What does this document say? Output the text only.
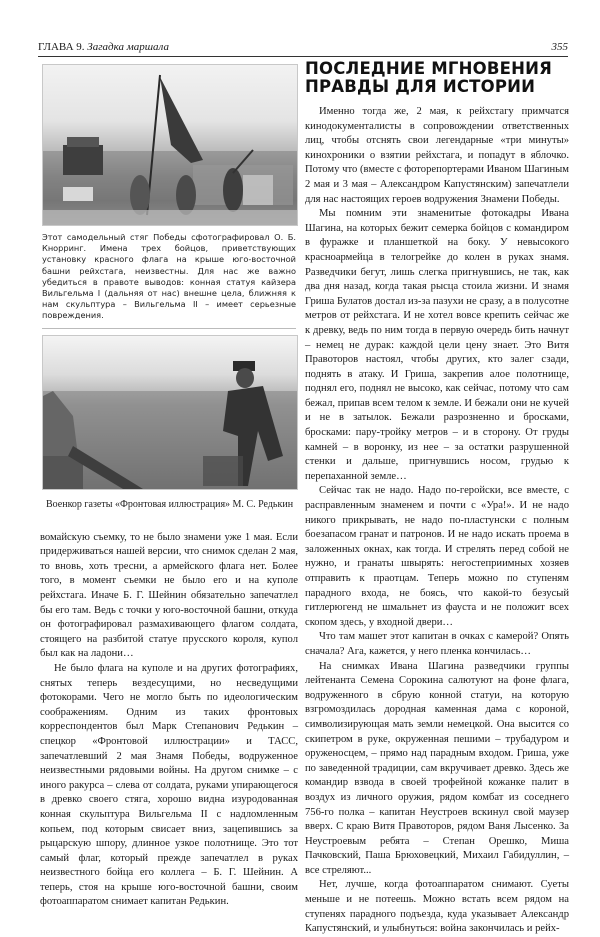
ГЛАВА 9. Загадка маршала	355
Этот самодельный стяг Победы сфотографировал О. Б. Кнорринг. Имена трех бойцов, приветствующих установку красного флага на крыше юго-восточной башни рейхстага, неизвестны. Для нас же важно убедиться в правоте выводов: конная статуя кайзера Вильгельма I (дальняя от нас) внешне цела, ближняя к нам скульптура – Вильгельма II – имеет серьезные повреждения.
Военкор газеты «Фронтовая иллюстрация» М. С. Редькин

вомайскую съемку, то не было знамени уже 1 мая. Если придерживаться нашей версии, что снимок сделан 2 мая, то вновь, хоть тресни, а армейского флага нет. Более того, в момент съемки не было его и на куполе рейхстага. Иначе Б. Г. Шейнин обязательно запечатлел бы его там. Ведь с точки у юго-восточной башни, откуда он фотографировал размахивающего флагом солдата, стоящего на разбитой статуе прусского короля, купол был как на ладони…

Не было флага на куполе и на других фотографиях, снятых теперь вездесущими, но несведущими фотокорами. Чего не могло быть по идеологическим соображениям. Одним из таких фронтовых корреспондентов был Марк Степанович Редькин – спецкор «Фронтовой иллюстрации» и ТАСС, запечатлевший 2 мая Знамя Победы, водруженное неизвестными рядовыми войны. На другом снимке – с иного ракурса – слева от солдата, руками упирающегося в древко своего стяга, хорошо видна изуродованная конная скульптура Вильгельма II с надломленным копьем, под которым свисает вниз, зацепившись за рыцарскую шпору, длинное узкое полотнище. Это тот самый флаг, который прежде запечатлел в руках неизвестного бойца его коллега – Б. Г. Шейнин. А теперь, стоя на крыше юго-восточной башни, своим фотоаппаратом снимает капитан Редькин.

ПОСЛЕДНИЕ МГНОВЕНИЯ
ПРАВДЫ ДЛЯ ИСТОРИИ

Именно тогда же, 2 мая, к рейхстагу примчатся кинодокументалисты в сопровождении ответственных лиц, чтобы отснять свои легендарные «три минуты» кинохроники о взятии рейхстага, и попадут в яблочко. Потому что (вместе с фоторепортерами Иваном Шагиным 2 мая и 3 мая – Александром Капустянским) запечатлели для нас настоящих героев водружения Знамени Победы.

Мы помним эти знаменитые фотокадры Ивана Шагина, на которых бежит семерка бойцов с командиром в фуражке и планшеткой на боку. У невысокого красноармейца в телогрейке до колен в руках знамя. Разведчики бегут, лишь слегка пригнувшись, не так, как два дня назад, когда такая рысца стоила жизни. И знамя Гриша Булатов достал из-за пазухи не сразу, а в полусотне метров от рейхстага. И не хотел вовсе крепить сейчас же к древку, ведь по ним тогда в первую очередь бить начнут – немец не дурак: каждой цели цену знает. Это Витя Правоторов настоял, чтобы других, кто залег сзади, поднять в атаку. И Гриша, закрепив алое полотнище, поднял его, поднял не высоко, как сейчас, потому что сам бежал, припав всем телом к земле. И бежали они не кучей и не в затылок. Бежали разрозненно и бросками, бросками: пару-тройку метров – и в сторону. От груды камней – в воронку, из нее – за остатки разрушенной стенки и дальше, пригнувшись носом, грудью к перепаханной земле…

Сейчас так не надо. Надо по-геройски, все вместе, с расправленным знаменем и почти с «Ура!». И не надо никого прикрывать, не надо по-пластунски с полным боезапасом гранат и патронов. И не надо искать проема в заложенных окнах, как тогда. И стрелять перед собой не нужно, и гранаты швырять: негостеприимных хозяев отправить к праотцам. Теперь можно по ступеням парадного входа, не боясь, что какой-то безусый гитлерюгенд не шмальнет из фауста и не положит всех скопом здесь, у входной двери…

Что там машет этот капитан в очках с камерой? Опять сначала? Ага, кажется, у него пленка кончилась…

На снимках Ивана Шагина разведчики группы лейтенанта Семена Сорокина салютуют на фоне флага, водруженного в сбрую конной статуи, на которую взгромоздилась дородная каменная дама с короной, символизирующая мать земли немецкой. Она высится со скипетром в руке, окруженная пешими – трубадуром и оруженосцем, – прямо над парадным входом. Гриша, уже по заведенной традиции, сам вкручивает древко. Здесь же командир взвода в своей трофейной кожанке палит в воздух из личного оружия, рядом комбат из соседнего 756-го полка – капитан Неустроев вскинул свой маузер вверх. С краю Витя Правоторов, рядом Ваня Лысенко. За Неустроевым ребята – Степан Орешко, Миша Пачковский, Паша Брюховецкий, Михаил Габидуллин, – все стреляют...

Нет, лучше, когда фотоаппаратом снимают. Суеты меньше и не потеешь. Можно встать всем рядом на ступенях парадного подъезда, куда указывает Александр Капустянский, и улыбнуться: война закончилась и рейх-
